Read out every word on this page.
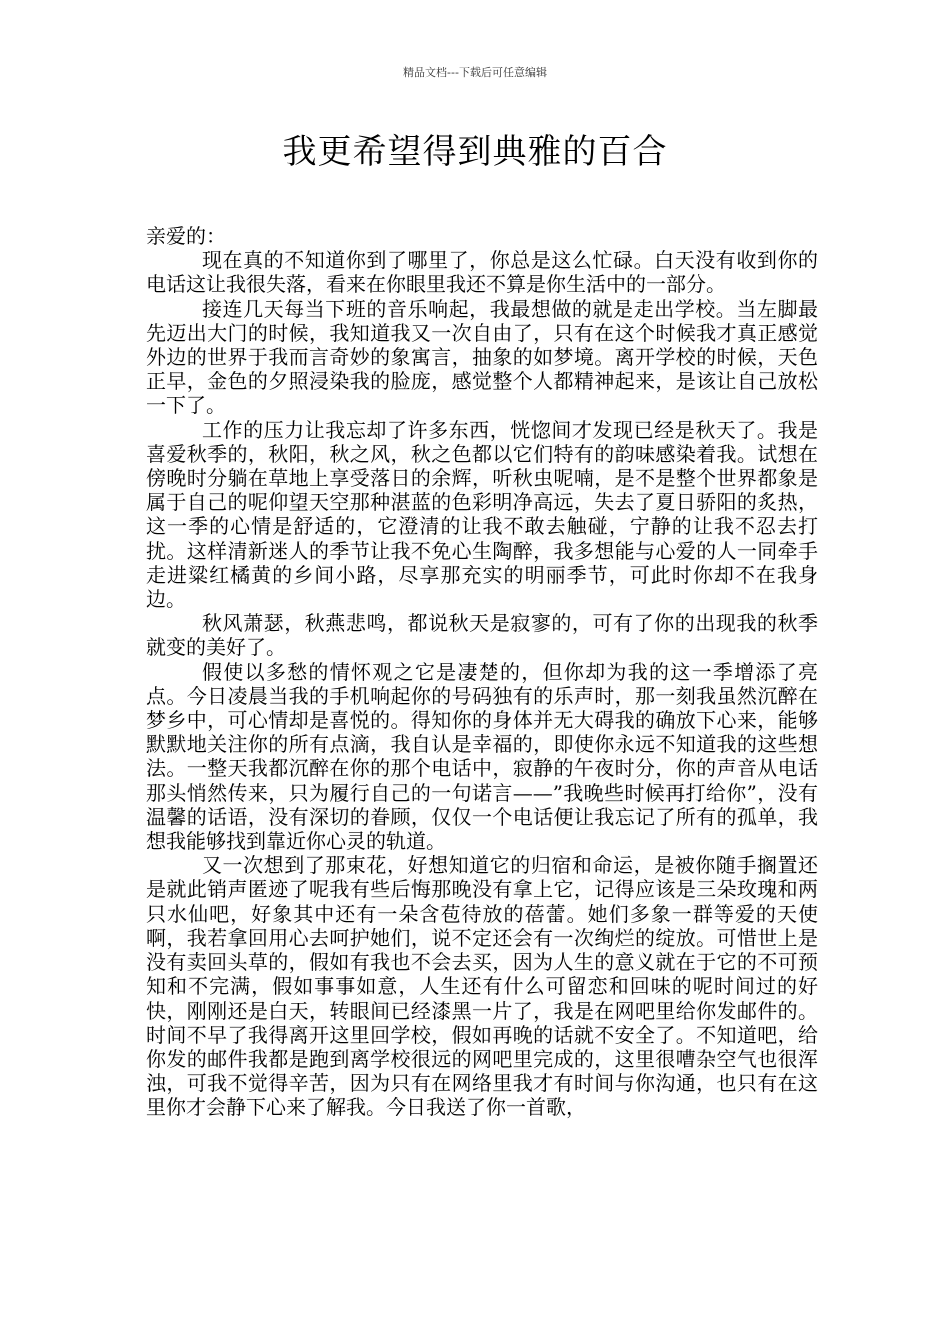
精品文档---下载后可任意编辑
我更希望得到典雅的百合

亲爱的：

现在真的不知道你到了哪里了，你总是这么忙碌。白天没有收到你的电话这让我很失落，看来在你眼里我还不算是你生活中的一部分。

接连几天每当下班的音乐响起，我最想做的就是走出学校。当左脚最先迈出大门的时候，我知道我又一次自由了，只有在这个时候我才真正感觉外边的世界于我而言奇妙的象寓言，抽象的如梦境。离开学校的时候，天色正早，金色的夕照浸染我的脸庞，感觉整个人都精神起来，是该让自己放松一下了。

工作的压力让我忘却了许多东西，恍惚间才发现已经是秋天了。我是喜爱秋季的，秋阳，秋之风，秋之色都以它们特有的韵味感染着我。试想在傍晚时分躺在草地上享受落日的余辉，听秋虫呢喃，是不是整个世界都象是属于自己的呢仰望天空那种湛蓝的色彩明净高远，失去了夏日骄阳的炙热，这一季的心情是舒适的，它澄清的让我不敢去触碰，宁静的让我不忍去打扰。这样清新迷人的季节让我不免心生陶醉，我多想能与心爱的人一同牵手走进粱红橘黄的乡间小路，尽享那充实的明丽季节，可此时你却不在我身边。

秋风萧瑟，秋燕悲鸣，都说秋天是寂寥的，可有了你的出现我的秋季就变的美好了。

假使以多愁的情怀观之它是凄楚的，但你却为我的这一季增添了亮点。今日凌晨当我的手机响起你的号码独有的乐声时，那一刻我虽然沉醉在梦乡中，可心情却是喜悦的。得知你的身体并无大碍我的确放下心来，能够默默地关注你的所有点滴，我自认是幸福的，即使你永远不知道我的这些想法。一整天我都沉醉在你的那个电话中，寂静的午夜时分，你的声音从电话那头悄然传来，只为履行自己的一句诺言——”我晚些时候再打给你”，没有温馨的话语，没有深切的眷顾，仅仅一个电话便让我忘记了所有的孤单，我想我能够找到靠近你心灵的轨道。

又一次想到了那束花，好想知道它的归宿和命运，是被你随手搁置还是就此销声匿迹了呢我有些后悔那晚没有拿上它，记得应该是三朵玫瑰和两只水仙吧，好象其中还有一朵含苞待放的蓓蕾。她们多象一群等爱的天使啊，我若拿回用心去呵护她们，说不定还会有一次绚烂的绽放。可惜世上是没有卖回头草的，假如有我也不会去买，因为人生的意义就在于它的不可预知和不完满，假如事事如意，人生还有什么可留恋和回味的呢时间过的好快，刚刚还是白天，转眼间已经漆黑一片了，我是在网吧里给你发邮件的。时间不早了我得离开这里回学校，假如再晚的话就不安全了。不知道吧，给你发的邮件我都是跑到离学校很远的网吧里完成的，这里很嘈杂空气也很浑浊，可我不觉得辛苦，因为只有在网络里我才有时间与你沟通，也只有在这里你才会静下心来了解我。今日我送了你一首歌，
